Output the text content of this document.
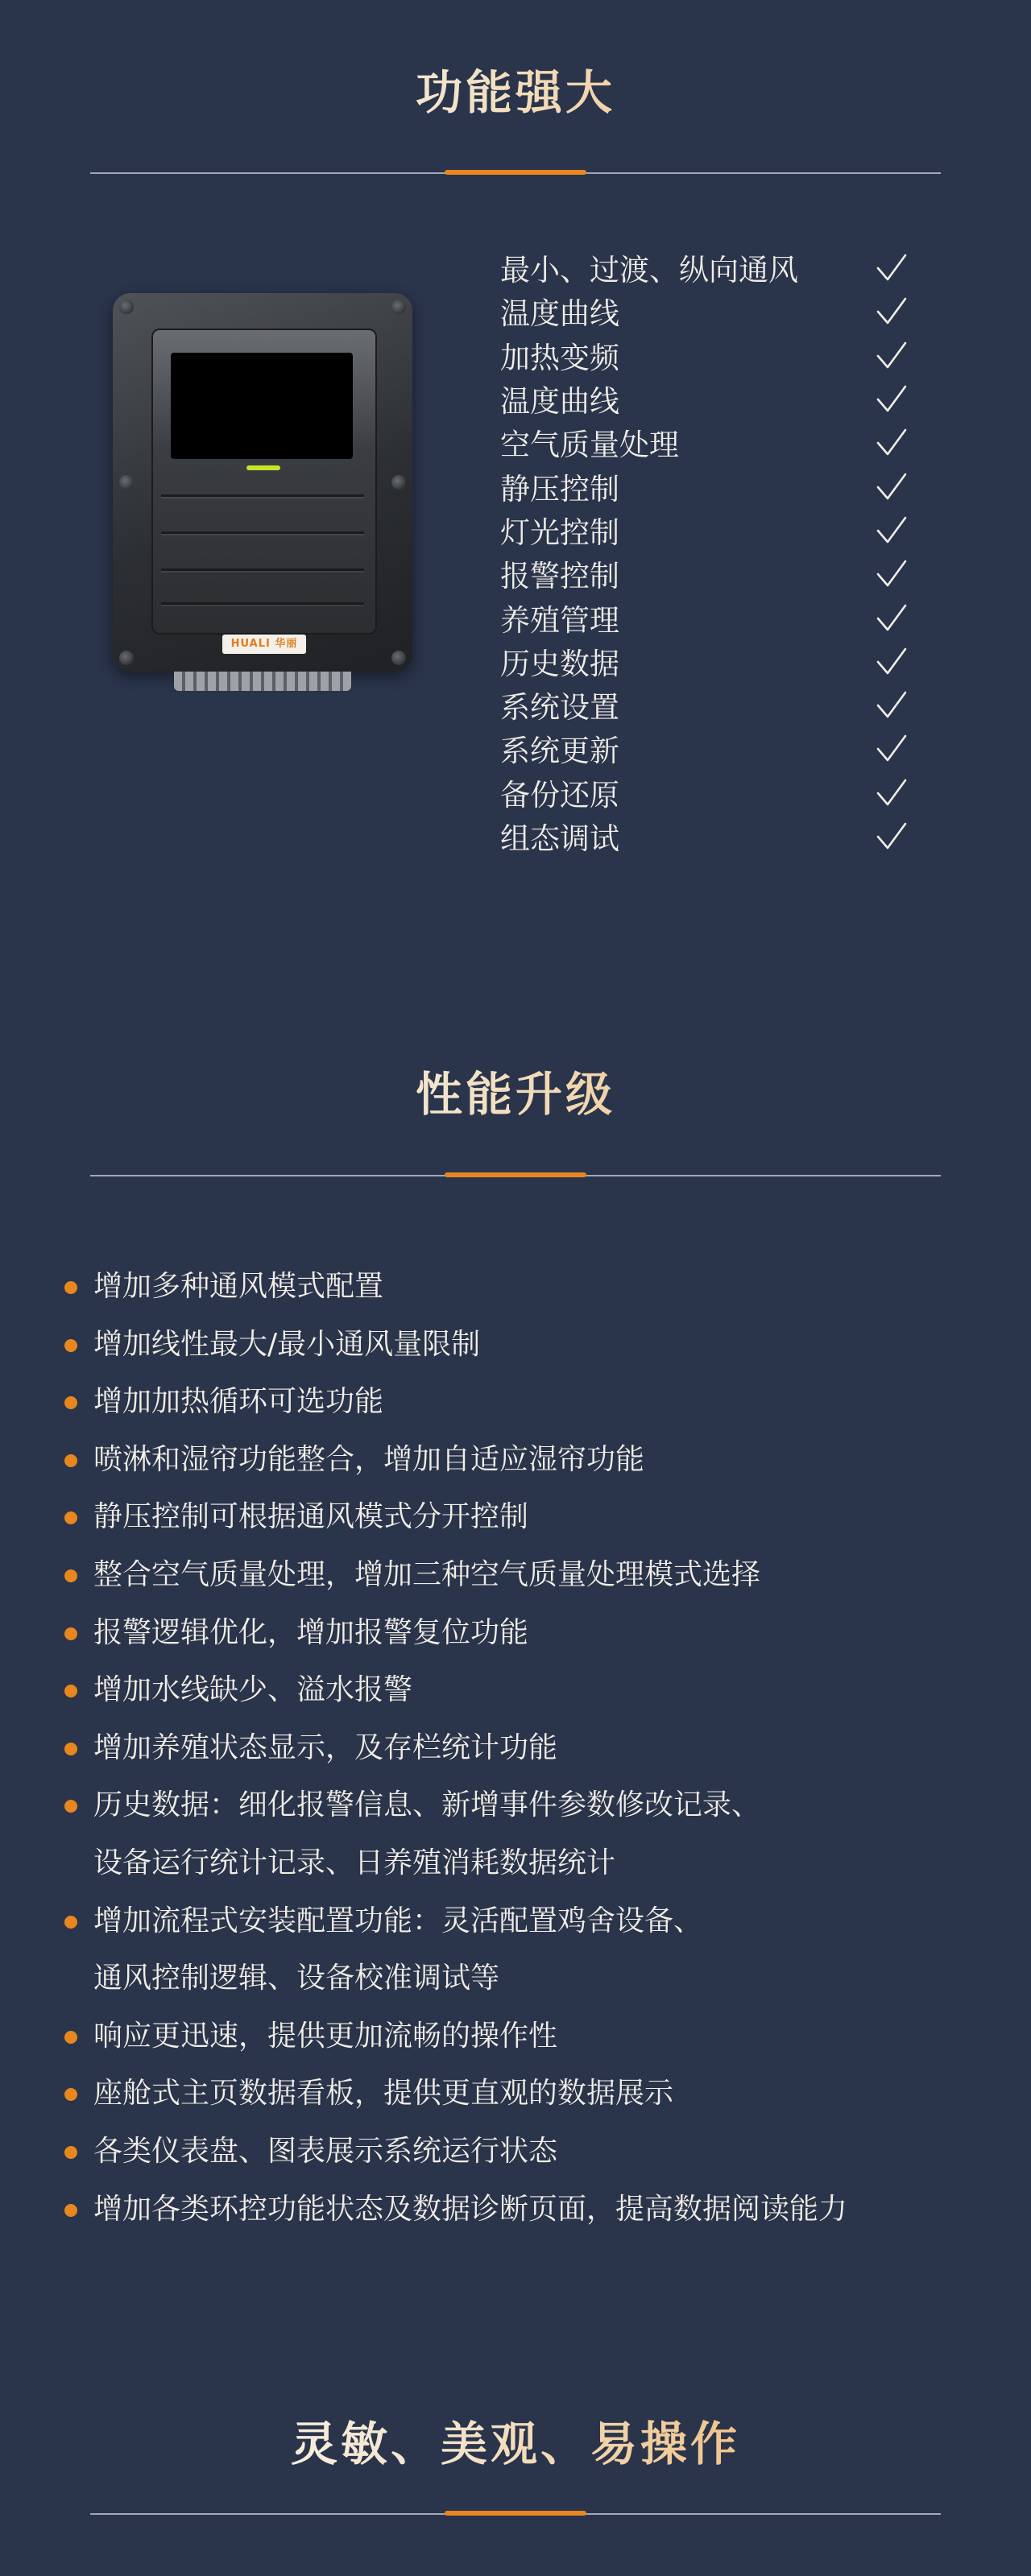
功能强大
HUALI 华丽
最小、过渡、纵向通风
温度曲线
加热变频
温度曲线
空气质量处理
静压控制
灯光控制
报警控制
养殖管理
历史数据
系统设置
系统更新
备份还原
组态调试
性能升级
增加多种通风模式配置
增加线性最大/最小通风量限制
增加加热循环可选功能
喷淋和湿帘功能整合，增加自适应湿帘功能
静压控制可根据通风模式分开控制
整合空气质量处理，增加三种空气质量处理模式选择
报警逻辑优化，增加报警复位功能
增加水线缺少、溢水报警
增加养殖状态显示，及存栏统计功能
历史数据：细化报警信息、新增事件参数修改记录、
设备运行统计记录、日养殖消耗数据统计
增加流程式安装配置功能：灵活配置鸡舍设备、
通风控制逻辑、设备校准调试等
响应更迅速，提供更加流畅的操作性
座舱式主页数据看板，提供更直观的数据展示
各类仪表盘、图表展示系统运行状态
增加各类环控功能状态及数据诊断页面，提高数据阅读能力
灵敏、美观、易操作
